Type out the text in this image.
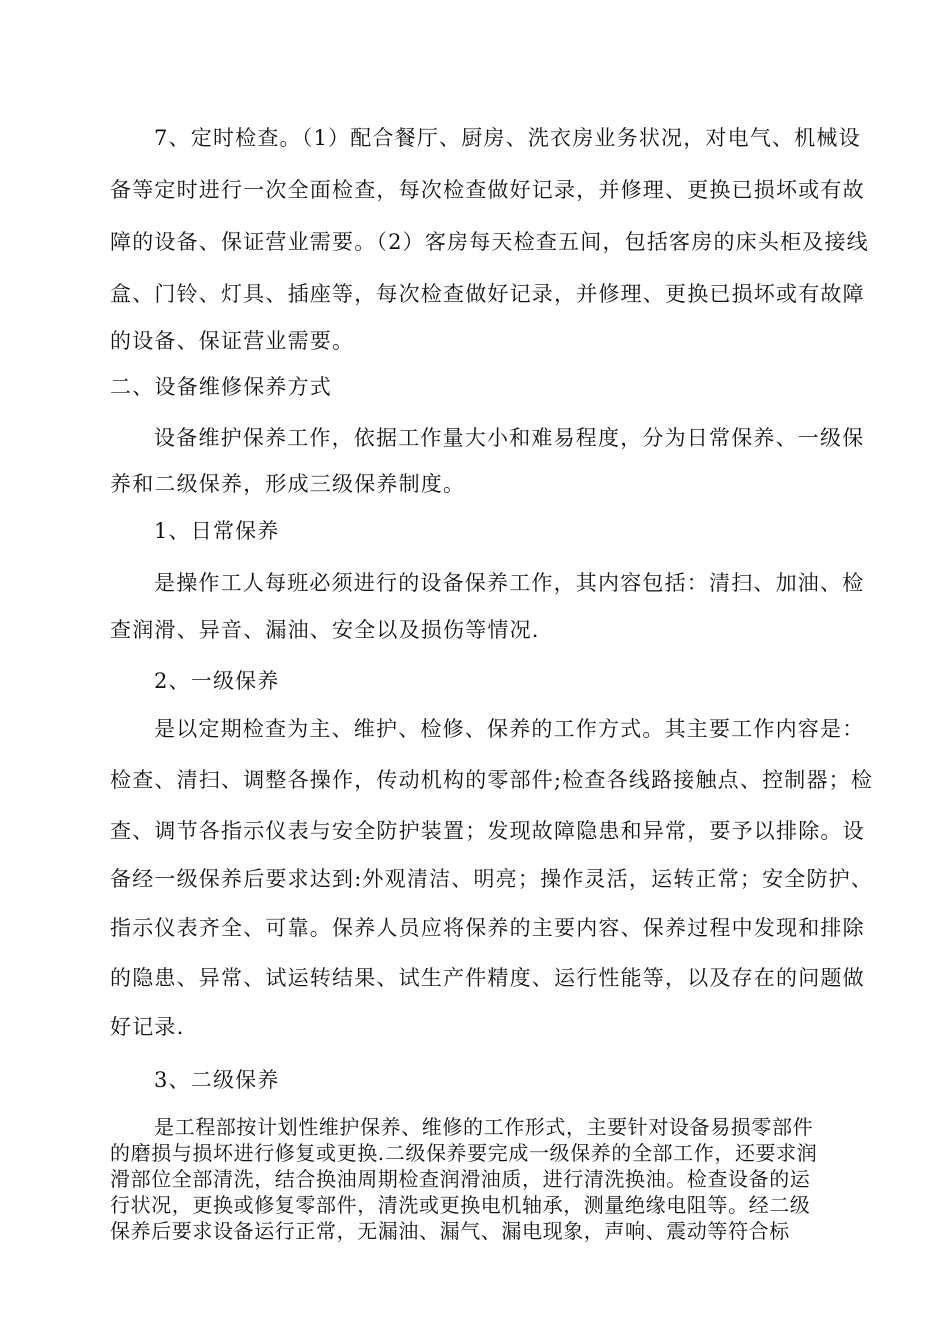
7、定时检查。（1）配合餐厅、厨房、洗衣房业务状况，对电气、机械设
备等定时进行一次全面检查，每次检查做好记录，并修理、更换已损坏或有故
障的设备、保证营业需要。（2）客房每天检查五间，包括客房的床头柜及接线
盒、门铃、灯具、插座等，每次检查做好记录，并修理、更换已损坏或有故障
的设备、保证营业需要。
二、设备维修保养方式
设备维护保养工作，依据工作量大小和难易程度，分为日常保养、一级保
养和二级保养，形成三级保养制度。
1、日常保养
是操作工人每班必须进行的设备保养工作，其内容包括：清扫、加油、检
查润滑、异音、漏油、安全以及损伤等情况.
2、一级保养
是以定期检查为主、维护、检修、保养的工作方式。其主要工作内容是：
检查、清扫、调整各操作，传动机构的零部件;检查各线路接触点、控制器；检
查、调节各指示仪表与安全防护装置；发现故障隐患和异常，要予以排除。设
备经一级保养后要求达到:外观清洁、明亮；操作灵活，运转正常；安全防护、
指示仪表齐全、可靠。保养人员应将保养的主要内容、保养过程中发现和排除
的隐患、异常、试运转结果、试生产件精度、运行性能等，以及存在的问题做
好记录.
3、二级保养
是工程部按计划性维护保养、维修的工作形式，主要针对设备易损零部件
的磨损与损坏进行修复或更换.二级保养要完成一级保养的全部工作，还要求润
滑部位全部清洗，结合换油周期检查润滑油质，进行清洗换油。检查设备的运
行状况，更换或修复零部件，清洗或更换电机轴承，测量绝缘电阻等。经二级
保养后要求设备运行正常，无漏油、漏气、漏电现象，声响、震动等符合标
